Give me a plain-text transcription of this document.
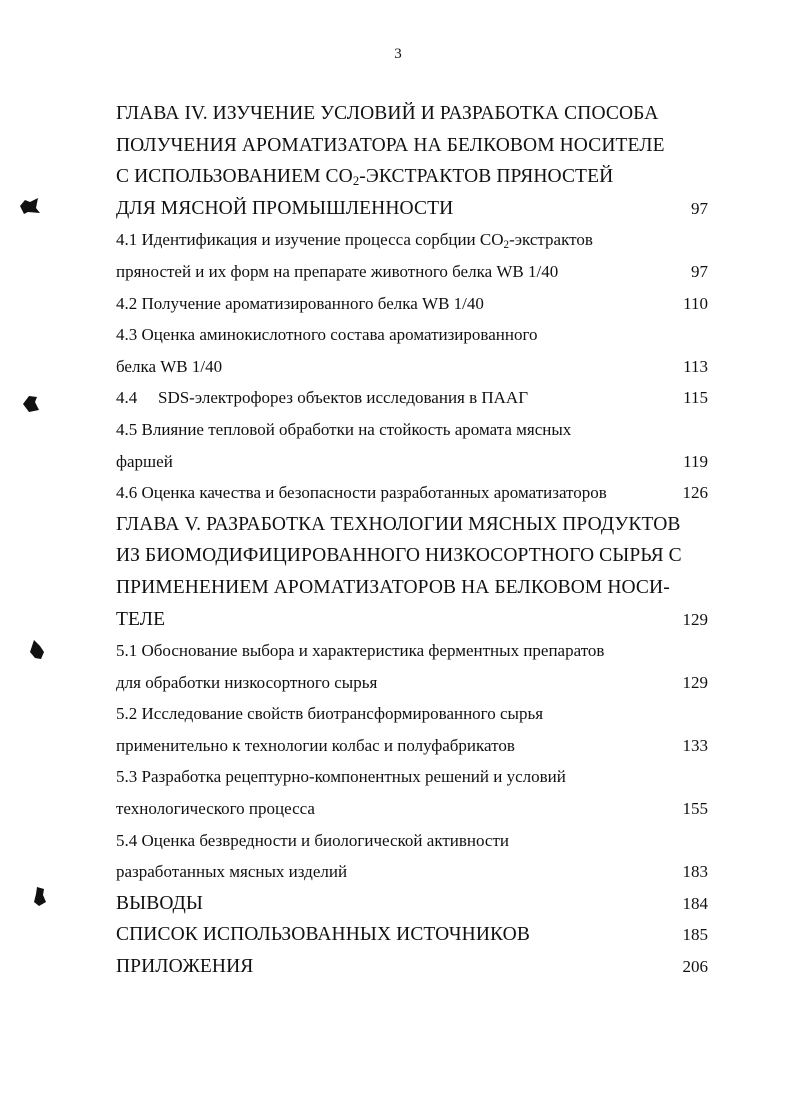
3
ГЛАВА IV. ИЗУЧЕНИЕ УСЛОВИЙ И РАЗРАБОТКА СПОСОБА
ПОЛУЧЕНИЯ АРОМАТИЗАТОРА НА БЕЛКОВОМ НОСИТЕЛЕ
С ИСПОЛЬЗОВАНИЕМ $СО_2$-ЭКСТРАКТОВ ПРЯНОСТЕЙ
ДЛЯ МЯСНОЙ ПРОМЫШЛЕННОСТИ	97
4.1 Идентификация и изучение процесса сорбции $СО_2$-экстрактов
пряностей и их форм на препарате животного белка WB 1/40	97
4.2 Получение ароматизированного белка WB 1/40	110
4.3 Оценка аминокислотного состава ароматизированного
белка WB 1/40	113
4.4 SDS-электрофорез объектов исследования в ПААГ	115
4.5 Влияние тепловой обработки на стойкость аромата мясных
фаршей	119
4.6 Оценка качества и безопасности разработанных ароматизаторов	126
ГЛАВА V. РАЗРАБОТКА ТЕХНОЛОГИИ МЯСНЫХ ПРОДУКТОВ
ИЗ БИОМОДИФИЦИРОВАННОГО НИЗКОСОРТНОГО СЫРЬЯ С
ПРИМЕНЕНИЕМ АРОМАТИЗАТОРОВ НА БЕЛКОВОМ НОСИ-
ТЕЛЕ	129
5.1 Обоснование выбора и характеристика ферментных препаратов
для обработки низкосортного сырья	129
5.2 Исследование свойств биотрансформированного сырья
применительно к технологии колбас и полуфабрикатов	133
5.3 Разработка рецептурно-компонентных решений и условий
технологического процесса	155
5.4 Оценка безвредности и биологической активности
разработанных мясных изделий	183
ВЫВОДЫ	184
СПИСОК ИСПОЛЬЗОВАННЫХ ИСТОЧНИКОВ	185
ПРИЛОЖЕНИЯ	206
